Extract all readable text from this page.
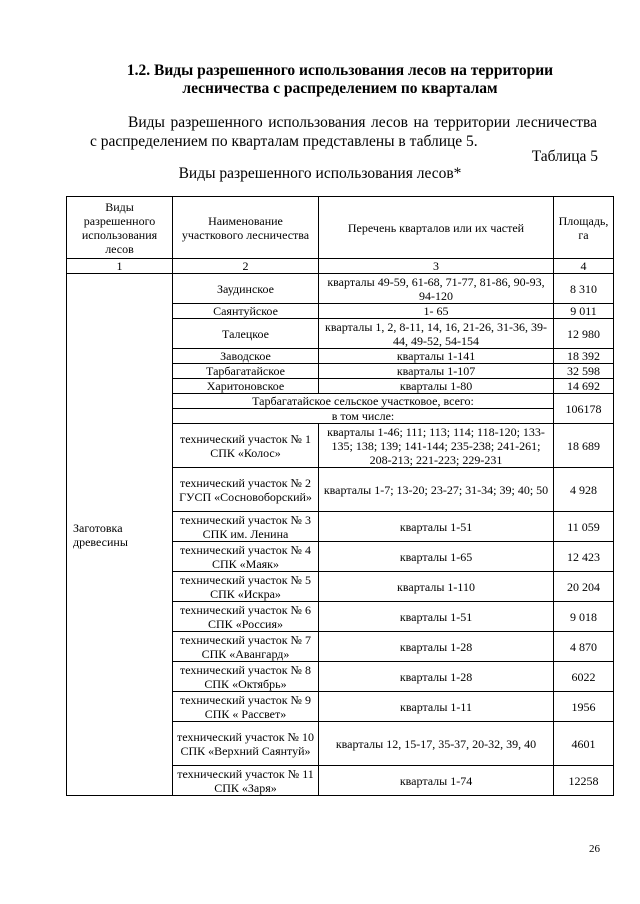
1.2. Виды разрешенного использования лесов на территории
лесничества с распределением по кварталам
Виды разрешенного использования лесов на территории лесничества с распределением по кварталам представлены в таблице 5.
Таблица 5
Виды разрешенного использования лесов*
Виды разрешенного использования лесов	Наименование участкового лесничества	Перечень кварталов или их частей	Площадь, га
1	2	3	4
Заготовка древесины	Заудинское	кварталы 49-59, 61-68, 71-77, 81-86, 90-93, 94-120	8 310
	Саянтуйское	1- 65	9 011
	Талецкое	кварталы 1, 2, 8-11, 14, 16, 21-26, 31-36, 39-44, 49-52, 54-154	12 980
	Заводское	кварталы 1-141	18 392
	Тарбагатайское	кварталы 1-107	32 598
	Харитоновское	кварталы 1-80	14 692
	Тарбагатайское сельское участковое, всего:		106178
	в том числе:		
	технический участок № 1 СПК «Колос»	кварталы 1-46; 111; 113; 114; 118-120; 133-135; 138; 139; 141-144; 235-238; 241-261; 208-213; 221-223; 229-231	18 689
	технический участок № 2 ГУСП «Сосновоборский»	кварталы 1-7; 13-20; 23-27; 31-34; 39; 40; 50	4 928
	технический участок № 3 СПК им. Ленина	кварталы 1-51	11 059
	технический участок № 4 СПК «Маяк»	кварталы 1-65	12 423
	технический участок № 5 СПК «Искра»	кварталы 1-110	20 204
	технический участок № 6 СПК «Россия»	кварталы 1-51	9 018
	технический участок № 7 СПК «Авангард»	кварталы 1-28	4 870
	технический участок № 8 СПК «Октябрь»	кварталы 1-28	6022
	технический участок № 9 СПК « Рассвет»	кварталы 1-11	1956
	технический участок № 10 СПК «Верхний Саянтуй»	кварталы 12, 15-17, 35-37, 20-32, 39, 40	4601
	технический участок № 11 СПК «Заря»	кварталы 1-74	12258
26
